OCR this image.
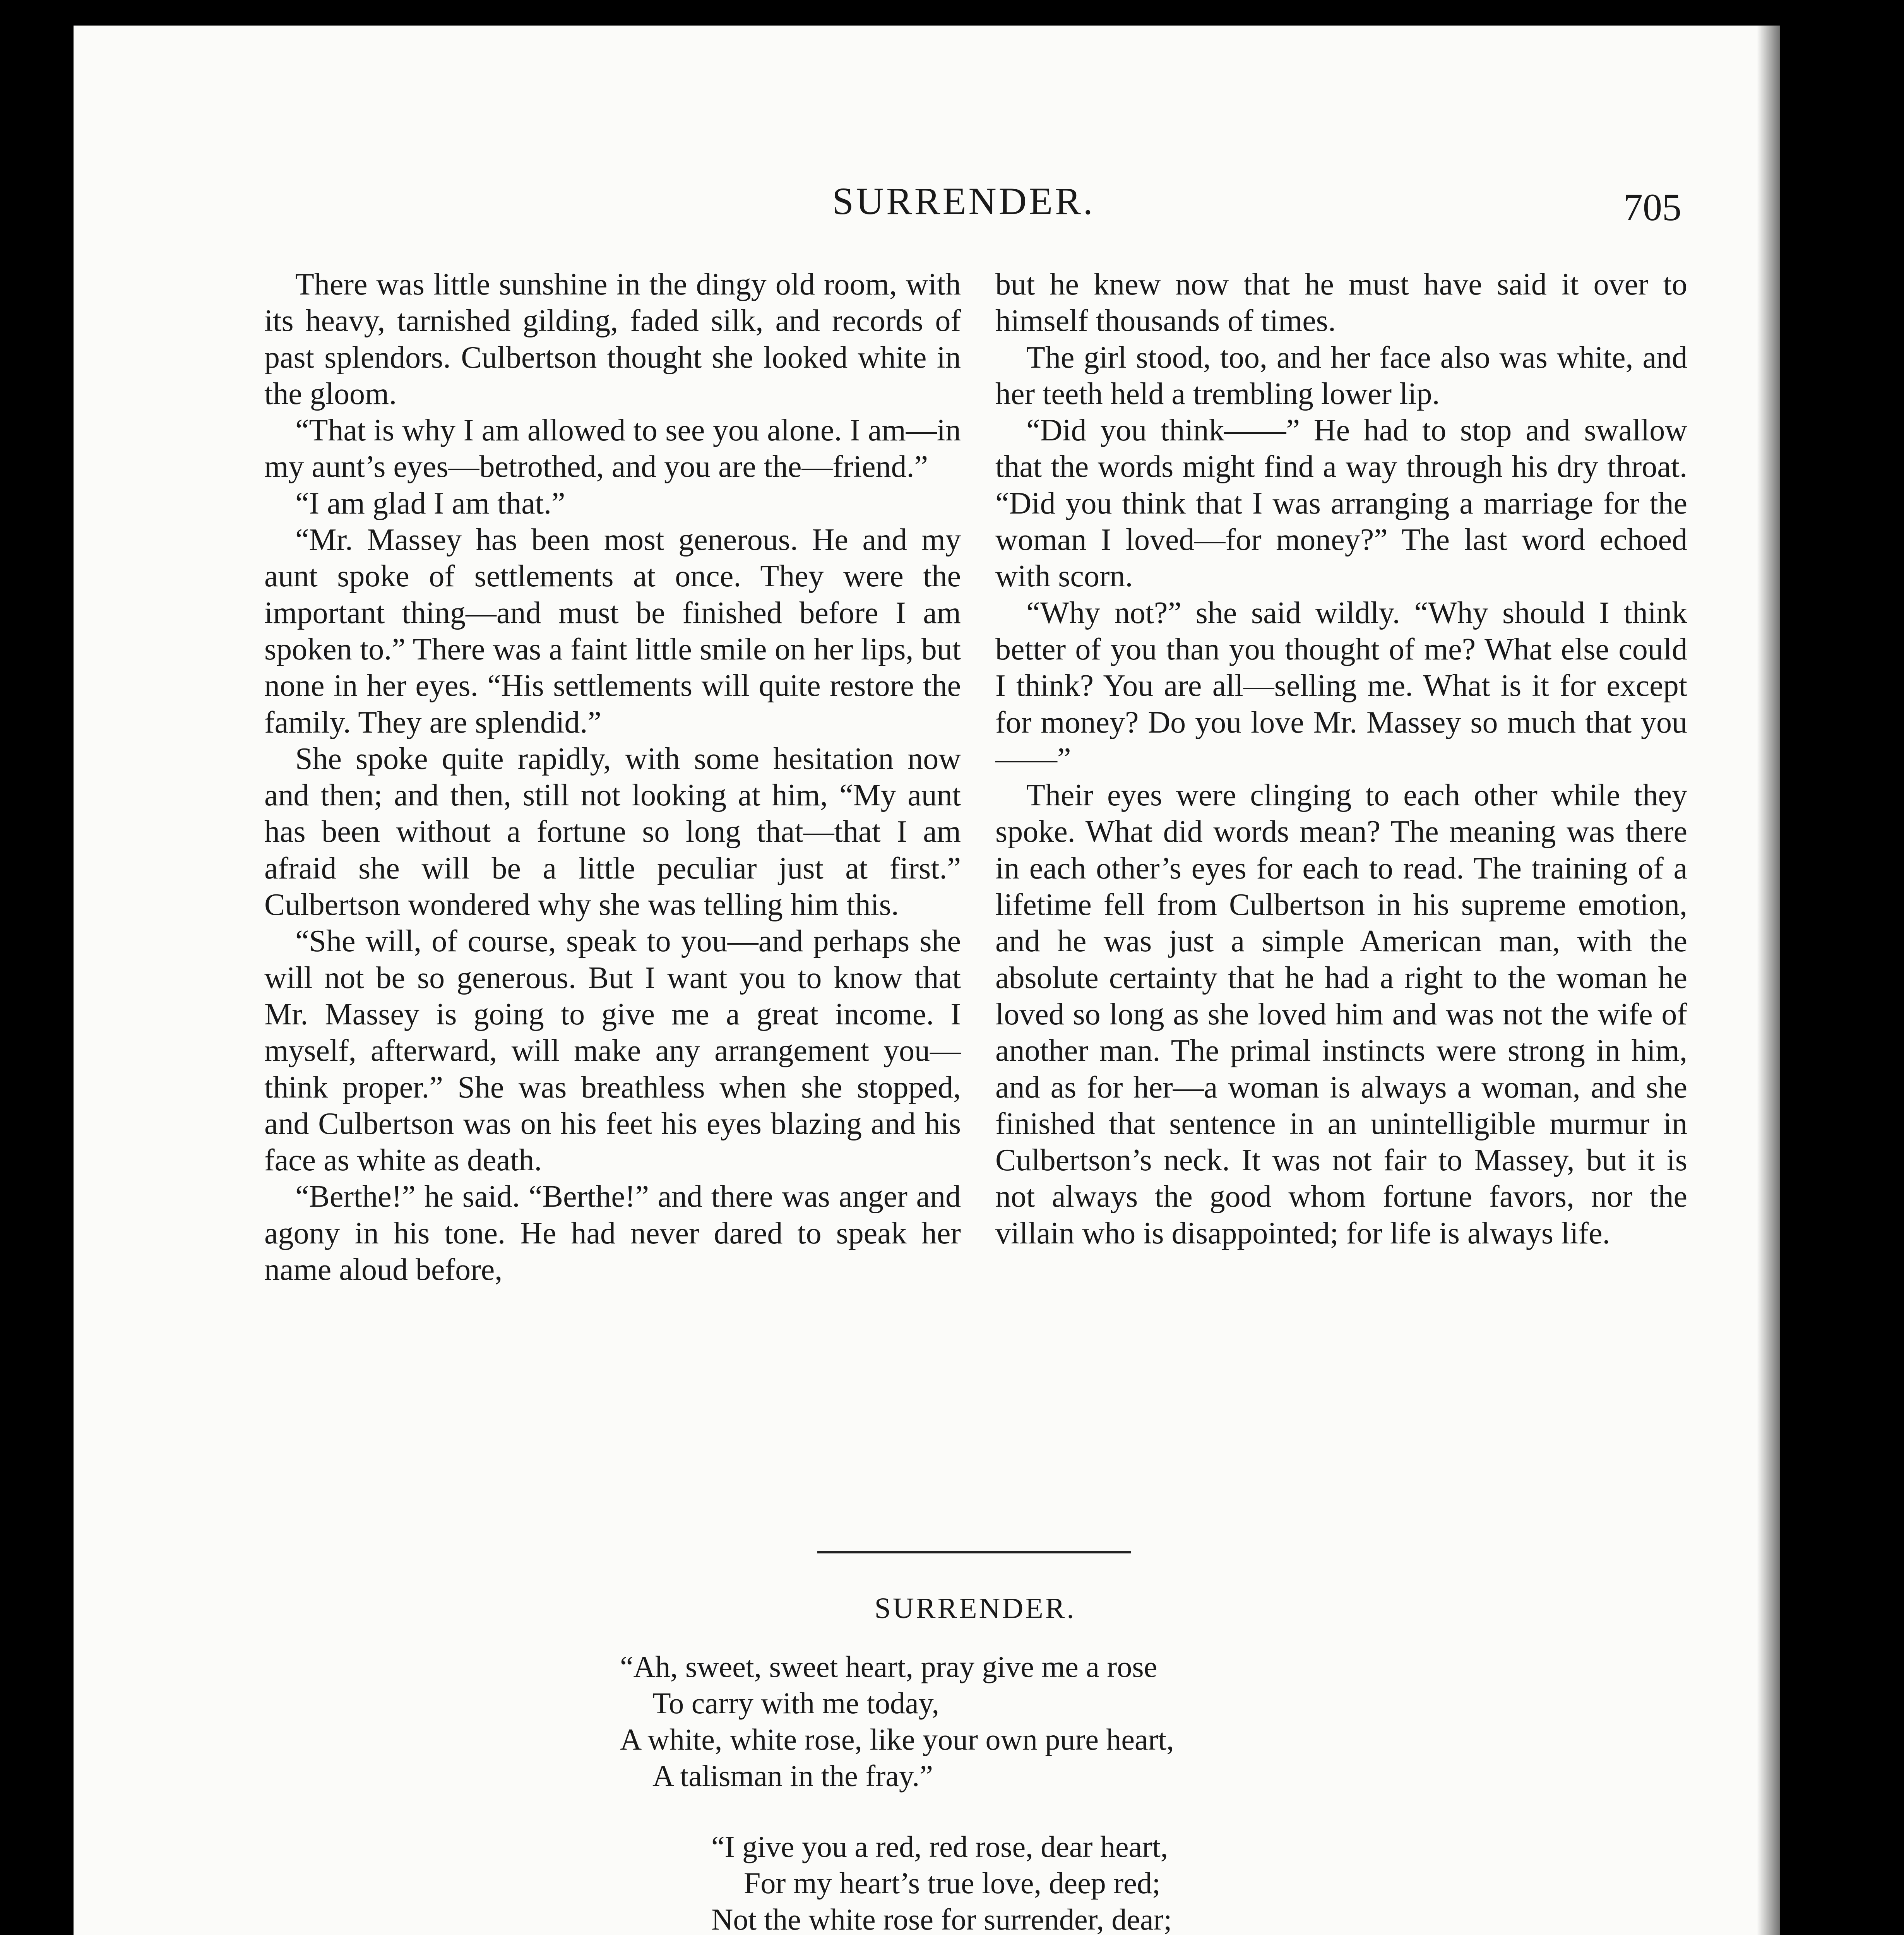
SURRENDER.	705

There was little sunshine in the dingy old room, with its heavy, tarnished gilding, faded silk, and records of past splendors. Culbertson thought she looked white in the gloom.

“That is why I am allowed to see you alone. I am—in my aunt’s eyes—betrothed, and you are the—friend.”

“I am glad I am that.”

“Mr. Massey has been most generous. He and my aunt spoke of settlements at once. They were the important thing—and must be finished before I am spoken to.” There was a faint little smile on her lips, but none in her eyes. “His settlements will quite restore the family. They are splendid.”

She spoke quite rapidly, with some hesitation now and then; and then, still not looking at him, “My aunt has been without a fortune so long that—that I am afraid she will be a little peculiar just at first.” Culbertson wondered why she was telling him this.

“She will, of course, speak to you—and perhaps she will not be so generous. But I want you to know that Mr. Massey is going to give me a great income. I myself, afterward, will make any arrangement you—think proper.” She was breathless when she stopped, and Culbertson was on his feet his eyes blazing and his face as white as death.

“Berthe!” he said. “Berthe!” and there was anger and agony in his tone. He had never dared to speak her name aloud before,

but he knew now that he must have said it over to himself thousands of times.

The girl stood, too, and her face also was white, and her teeth held a trembling lower lip.

“Did you think——” He had to stop and swallow that the words might find a way through his dry throat. “Did you think that I was arranging a marriage for the woman I loved—for money?” The last word echoed with scorn.

“Why not?” she said wildly. “Why should I think better of you than you thought of me? What else could I think? You are all—selling me. What is it for except for money? Do you love Mr. Massey so much that you——”

Their eyes were clinging to each other while they spoke. What did words mean? The meaning was there in each other’s eyes for each to read. The training of a lifetime fell from Culbertson in his supreme emotion, and he was just a simple American man, with the absolute certainty that he had a right to the woman he loved so long as she loved him and was not the wife of another man. The primal instincts were strong in him, and as for her—a woman is always a woman, and she finished that sentence in an unintelligible murmur in Culbertson’s neck. It was not fair to Massey, but it is not always the good whom fortune favors, nor the villain who is disappointed; for life is always life.

SURRENDER.
“Ah, sweet, sweet heart, pray give me a rose
To carry with me today,
A white, white rose, like your own pure heart,
A talisman in the fray.”
“I give you a red, red rose, dear heart,
For my heart’s true love, deep red;
Not the white rose for surrender, dear;
